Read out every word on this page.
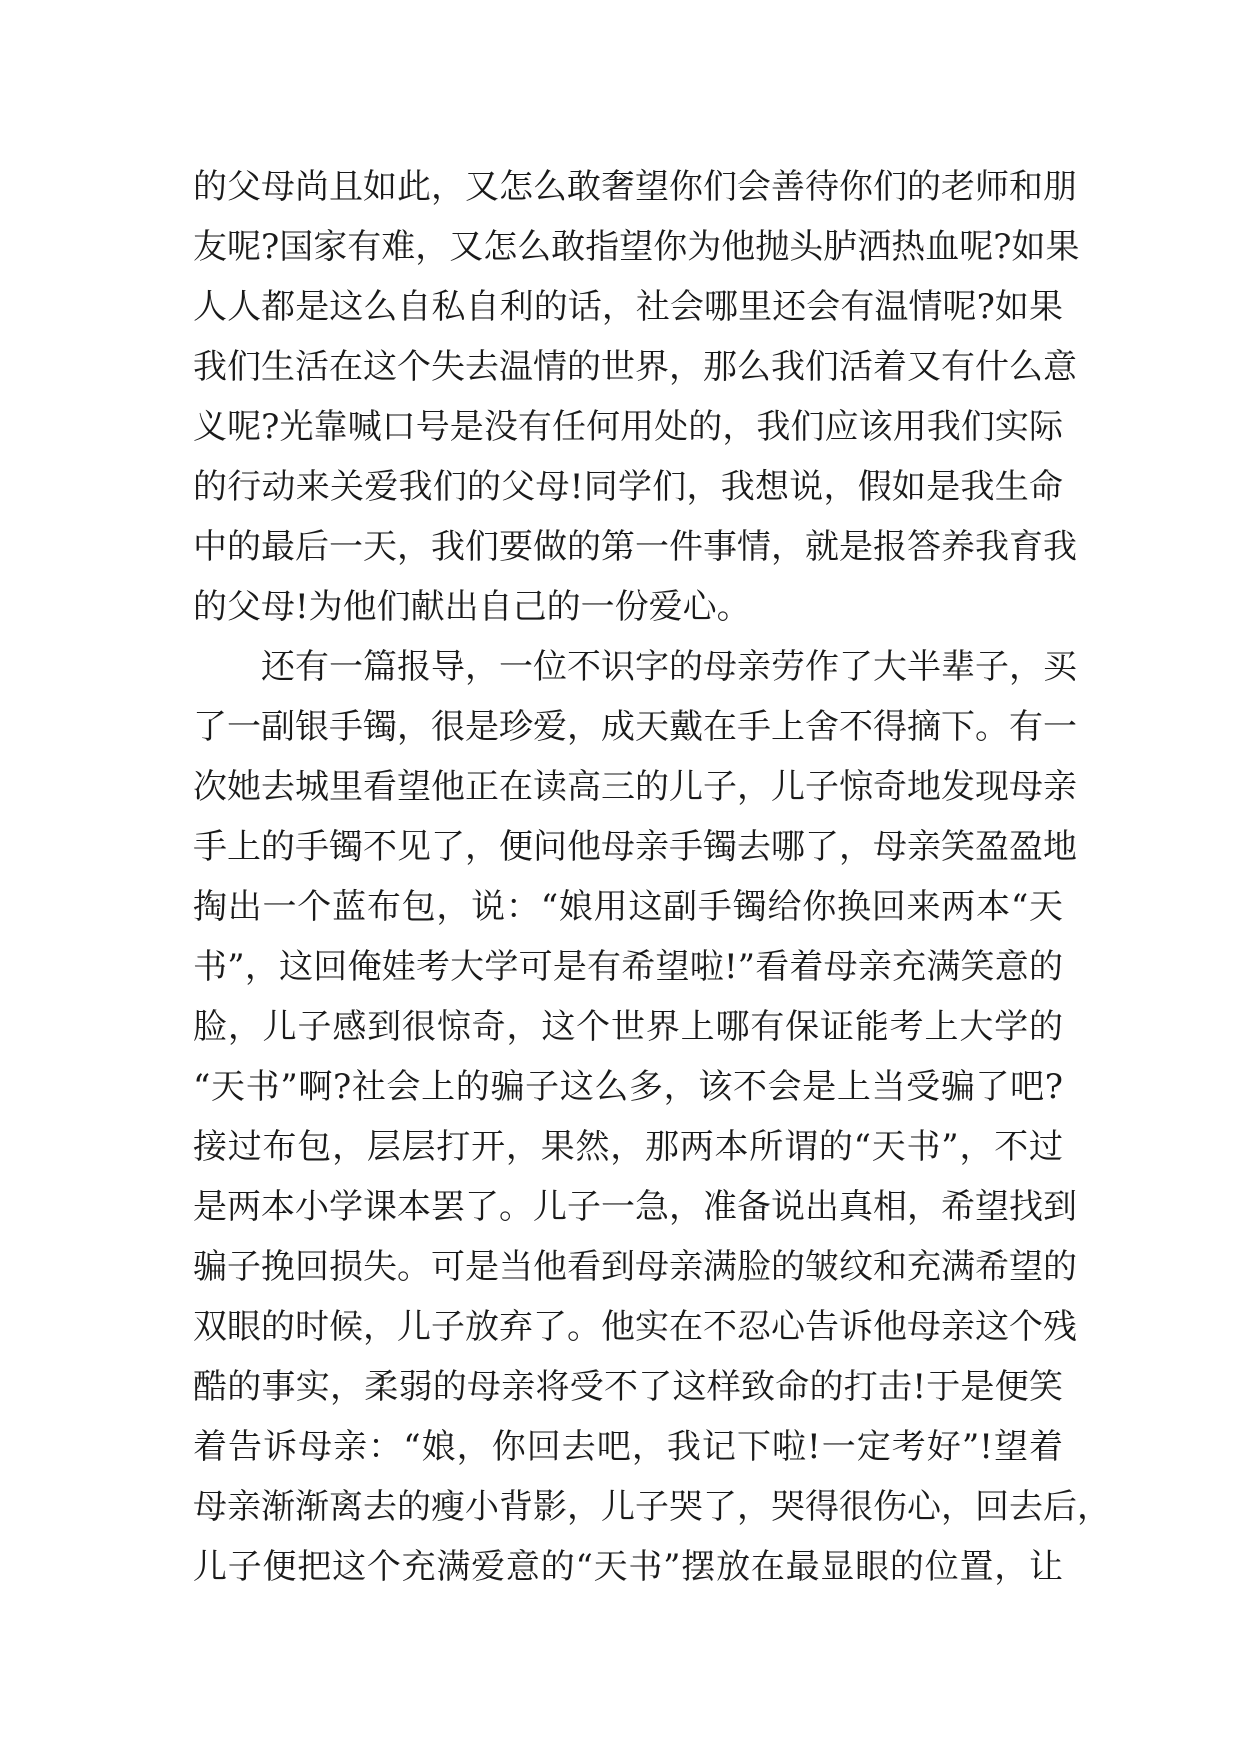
的父母尚且如此，又怎么敢奢望你们会善待你们的老师和朋
友呢?国家有难，又怎么敢指望你为他抛头胪洒热血呢?如果
人人都是这么自私自利的话，社会哪里还会有温情呢?如果
我们生活在这个失去温情的世界，那么我们活着又有什么意
义呢?光靠喊口号是没有任何用处的，我们应该用我们实际
的行动来关爱我们的父母!同学们，我想说，假如是我生命
中的最后一天，我们要做的第一件事情，就是报答养我育我
的父母!为他们献出自己的一份爱心。
还有一篇报导，一位不识字的母亲劳作了大半辈子，买
了一副银手镯，很是珍爱，成天戴在手上舍不得摘下。有一
次她去城里看望他正在读高三的儿子，儿子惊奇地发现母亲
手上的手镯不见了，便问他母亲手镯去哪了，母亲笑盈盈地
掏出一个蓝布包，说：“娘用这副手镯给你换回来两本“天
书”，这回俺娃考大学可是有希望啦!”看着母亲充满笑意的
脸，儿子感到很惊奇，这个世界上哪有保证能考上大学的
“天书”啊?社会上的骗子这么多，该不会是上当受骗了吧?
接过布包，层层打开，果然，那两本所谓的“天书”，不过
是两本小学课本罢了。儿子一急，准备说出真相，希望找到
骗子挽回损失。可是当他看到母亲满脸的皱纹和充满希望的
双眼的时候，儿子放弃了。他实在不忍心告诉他母亲这个残
酷的事实，柔弱的母亲将受不了这样致命的打击!于是便笑
着告诉母亲：“娘，你回去吧，我记下啦!一定考好”!望着
母亲渐渐离去的瘦小背影，儿子哭了，哭得很伤心，回去后，
儿子便把这个充满爱意的“天书”摆放在最显眼的位置，让
